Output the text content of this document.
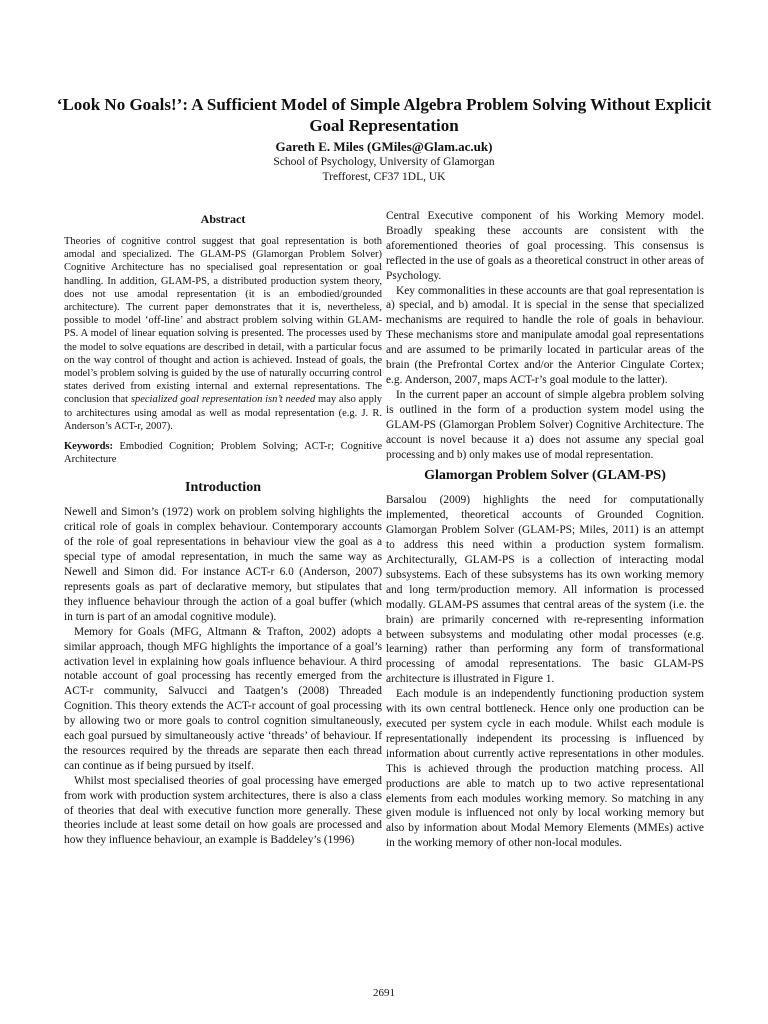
‘Look No Goals!’: A Sufficient Model of Simple Algebra Problem Solving Without Explicit Goal Representation
Gareth E. Miles (GMiles@Glam.ac.uk)
School of Psychology, University of Glamorgan
Trefforest, CF37 1DL, UK
Abstract

Theories of cognitive control suggest that goal representation is both amodal and specialized. The GLAM-PS (Glamorgan Problem Solver) Cognitive Architecture has no specialised goal representation or goal handling. In addition, GLAM-PS, a distributed production system theory, does not use amodal representation (it is an embodied/grounded architecture). The current paper demonstrates that it is, nevertheless, possible to model ‘off-line’ and abstract problem solving within GLAM-PS. A model of linear equation solving is presented. The processes used by the model to solve equations are described in detail, with a particular focus on the way control of thought and action is achieved. Instead of goals, the model’s problem solving is guided by the use of naturally occurring control states derived from existing internal and external representations. The conclusion that specialized goal representation isn’t needed may also apply to architectures using amodal as well as modal representation (e.g. J. R. Anderson’s ACT-r, 2007).

Keywords: Embodied Cognition; Problem Solving; ACT-r; Cognitive Architecture

Introduction

Newell and Simon’s (1972) work on problem solving highlights the critical role of goals in complex behaviour. Contemporary accounts of the role of goal representations in behaviour view the goal as a special type of amodal representation, in much the same way as Newell and Simon did. For instance ACT-r 6.0 (Anderson, 2007) represents goals as part of declarative memory, but stipulates that they influence behaviour through the action of a goal buffer (which in turn is part of an amodal cognitive module).

Memory for Goals (MFG, Altmann & Trafton, 2002) adopts a similar approach, though MFG highlights the importance of a goal’s activation level in explaining how goals influence behaviour. A third notable account of goal processing has recently emerged from the ACT-r community, Salvucci and Taatgen’s (2008) Threaded Cognition. This theory extends the ACT-r account of goal processing by allowing two or more goals to control cognition simultaneously, each goal pursued by simultaneously active ‘threads’ of behaviour. If the resources required by the threads are separate then each thread can continue as if being pursued by itself.

Whilst most specialised theories of goal processing have emerged from work with production system architectures, there is also a class of theories that deal with executive function more generally. These theories include at least some detail on how goals are processed and how they influence behaviour, an example is Baddeley’s (1996)

Central Executive component of his Working Memory model. Broadly speaking these accounts are consistent with the aforementioned theories of goal processing. This consensus is reflected in the use of goals as a theoretical construct in other areas of Psychology.

Key commonalities in these accounts are that goal representation is a) special, and b) amodal. It is special in the sense that specialized mechanisms are required to handle the role of goals in behaviour. These mechanisms store and manipulate amodal goal representations and are assumed to be primarily located in particular areas of the brain (the Prefrontal Cortex and/or the Anterior Cingulate Cortex; e.g. Anderson, 2007, maps ACT-r’s goal module to the latter).

In the current paper an account of simple algebra problem solving is outlined in the form of a production system model using the GLAM-PS (Glamorgan Problem Solver) Cognitive Architecture. The account is novel because it a) does not assume any special goal processing and b) only makes use of modal representation.

Glamorgan Problem Solver (GLAM-PS)

Barsalou (2009) highlights the need for computationally implemented, theoretical accounts of Grounded Cognition. Glamorgan Problem Solver (GLAM-PS; Miles, 2011) is an attempt to address this need within a production system formalism. Architecturally, GLAM-PS is a collection of interacting modal subsystems. Each of these subsystems has its own working memory and long term/production memory. All information is processed modally. GLAM-PS assumes that central areas of the system (i.e. the brain) are primarily concerned with re-representing information between subsystems and modulating other modal processes (e.g. learning) rather than performing any form of transformational processing of amodal representations. The basic GLAM-PS architecture is illustrated in Figure 1.

Each module is an independently functioning production system with its own central bottleneck. Hence only one production can be executed per system cycle in each module. Whilst each module is representationally independent its processing is influenced by information about currently active representations in other modules. This is achieved through the production matching process. All productions are able to match up to two active representational elements from each modules working memory. So matching in any given module is influenced not only by local working memory but also by information about Modal Memory Elements (MMEs) active in the working memory of other non-local modules.

2691
